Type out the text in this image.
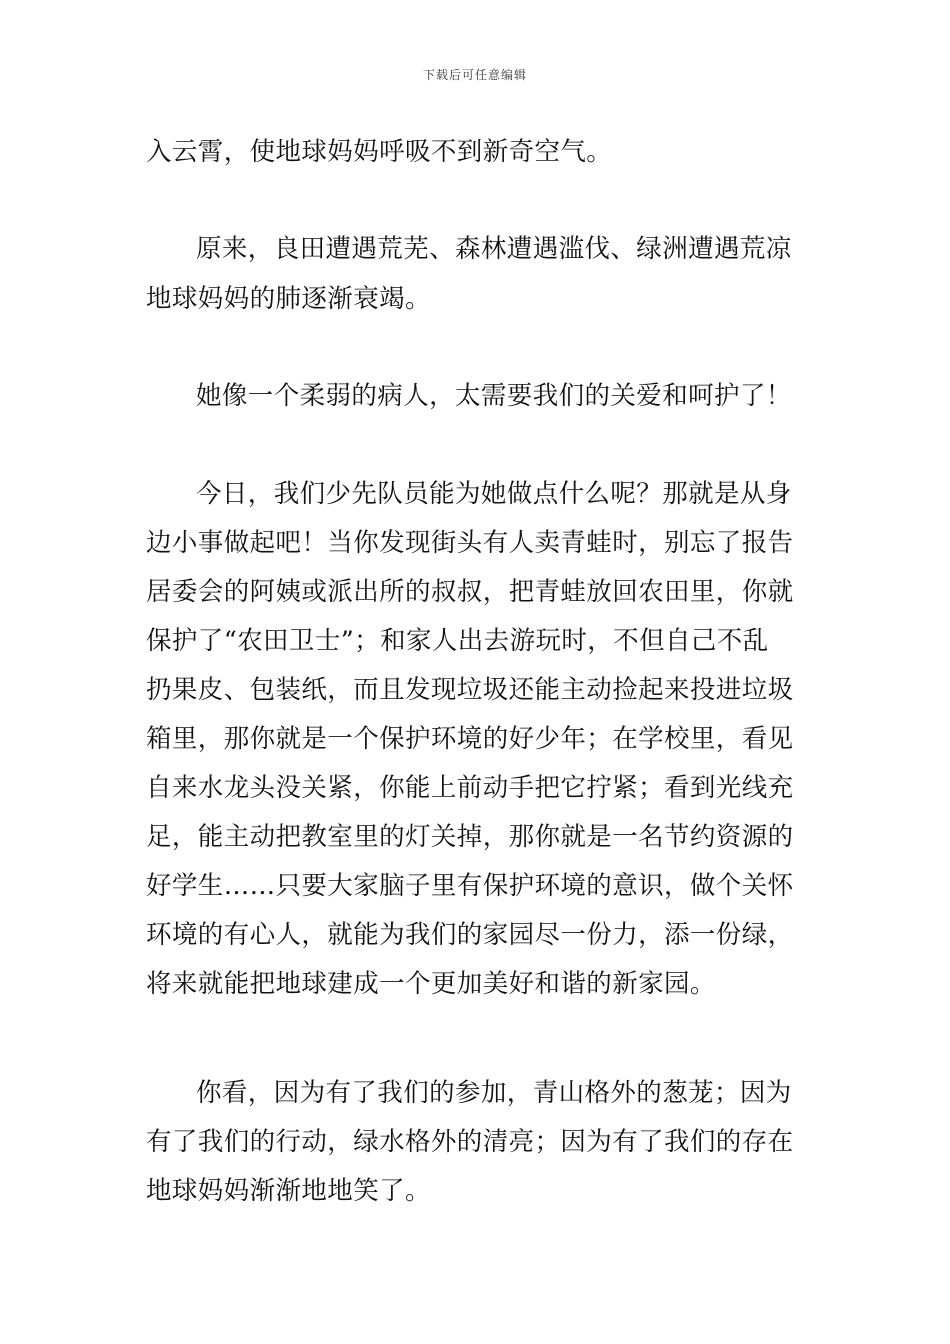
下载后可任意编辑
入云霄，使地球妈妈呼吸不到新奇空气。
原来，良田遭遇荒芜、森林遭遇滥伐、绿洲遭遇荒凉
地球妈妈的肺逐渐衰竭。
她像一个柔弱的病人，太需要我们的关爱和呵护了！
今日，我们少先队员能为她做点什么呢？那就是从身
边小事做起吧！当你发现街头有人卖青蛙时，别忘了报告
居委会的阿姨或派出所的叔叔，把青蛙放回农田里，你就
保护了“农田卫士”；和家人出去游玩时，不但自己不乱
扔果皮、包装纸，而且发现垃圾还能主动捡起来投进垃圾
箱里，那你就是一个保护环境的好少年；在学校里，看见
自来水龙头没关紧，你能上前动手把它拧紧；看到光线充
足，能主动把教室里的灯关掉，那你就是一名节约资源的
好学生……只要大家脑子里有保护环境的意识，做个关怀
环境的有心人，就能为我们的家园尽一份力，添一份绿，
将来就能把地球建成一个更加美好和谐的新家园。
你看，因为有了我们的参加，青山格外的葱茏；因为
有了我们的行动，绿水格外的清亮；因为有了我们的存在
地球妈妈渐渐地地笑了。
